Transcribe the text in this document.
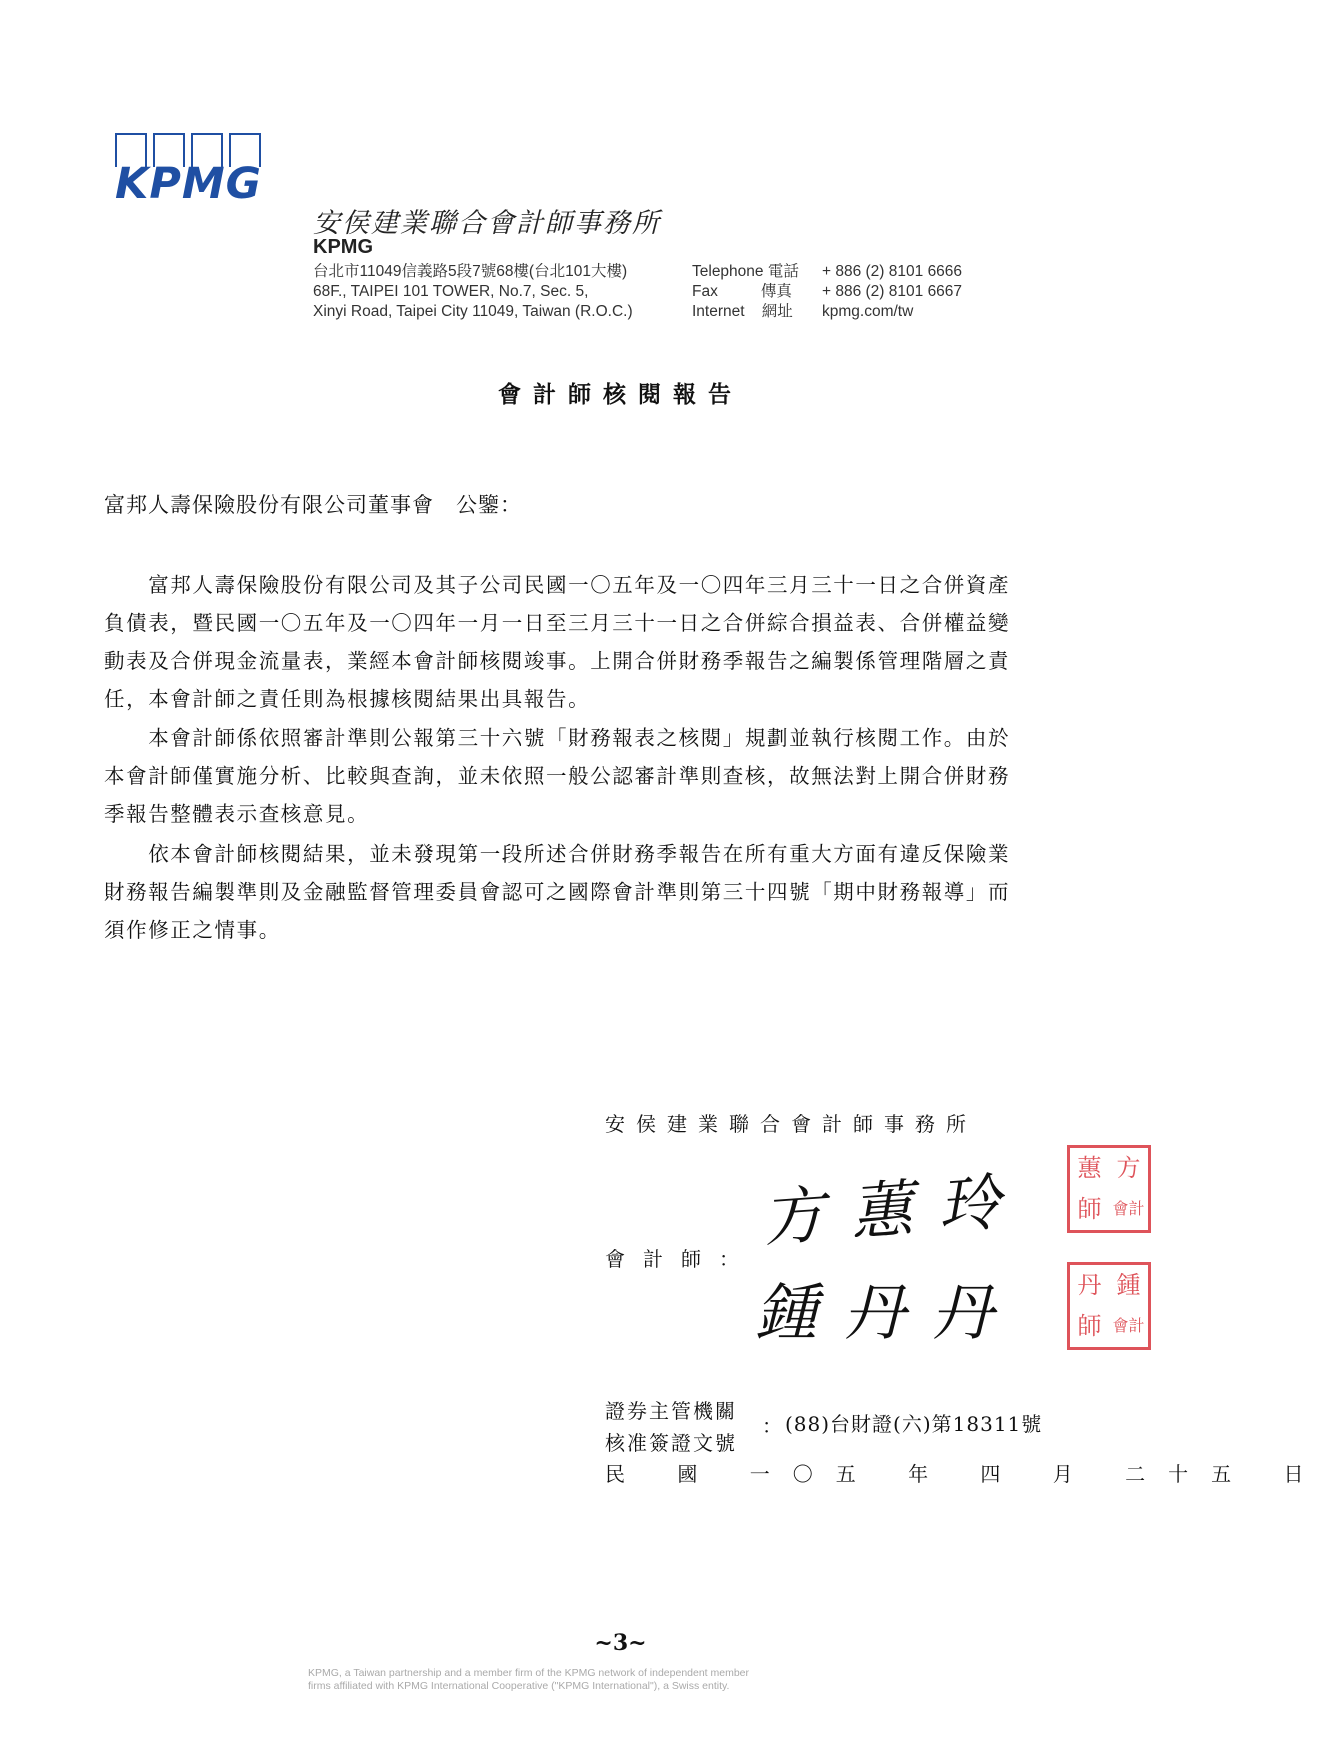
KPMG
安侯建業聯合會計師事務所
KPMG
台北市11049信義路5段7號68樓(台北101大樓)
68F., TAIPEI 101 TOWER, No.7, Sec. 5,
Xinyi Road, Taipei City 11049, Taiwan (R.O.C.)
Telephone 電話 + 886 (2) 8101 6666
Fax          傳真 + 886 (2) 8101 6667
Internet    網址 kpmg.com/tw
會計師核閱報告
富邦人壽保險股份有限公司董事會　公鑒：
　　富邦人壽保險股份有限公司及其子公司民國一〇五年及一〇四年三月三十一日之合併資產
負債表，暨民國一〇五年及一〇四年一月一日至三月三十一日之合併綜合損益表、合併權益變
動表及合併現金流量表，業經本會計師核閱竣事。上開合併財務季報告之編製係管理階層之責
任，本會計師之責任則為根據核閱結果出具報告。
　　本會計師係依照審計準則公報第三十六號「財務報表之核閱」規劃並執行核閱工作。由於
本會計師僅實施分析、比較與查詢，並未依照一般公認審計準則查核，故無法對上開合併財務
季報告整體表示查核意見。
　　依本會計師核閱結果，並未發現第一段所述合併財務季報告在所有重大方面有違反保險業
財務報告編製準則及金融監督管理委員會認可之國際會計準則第三十四號「期中財務報導」而
須作修正之情事。
安侯建業聯合會計師事務所
會計師：
方蕙玲
鍾丹丹
蕙 方
師 會計
丹 鍾
師 會計
證券主管機關
核准簽證文號
： (88)台財證(六)第18311號
民 國 一〇五 年 四 月 二十五 日
~3~
KPMG, a Taiwan partnership and a member firm of the KPMG network of independent member
firms affiliated with KPMG International Cooperative ("KPMG International"), a Swiss entity.
